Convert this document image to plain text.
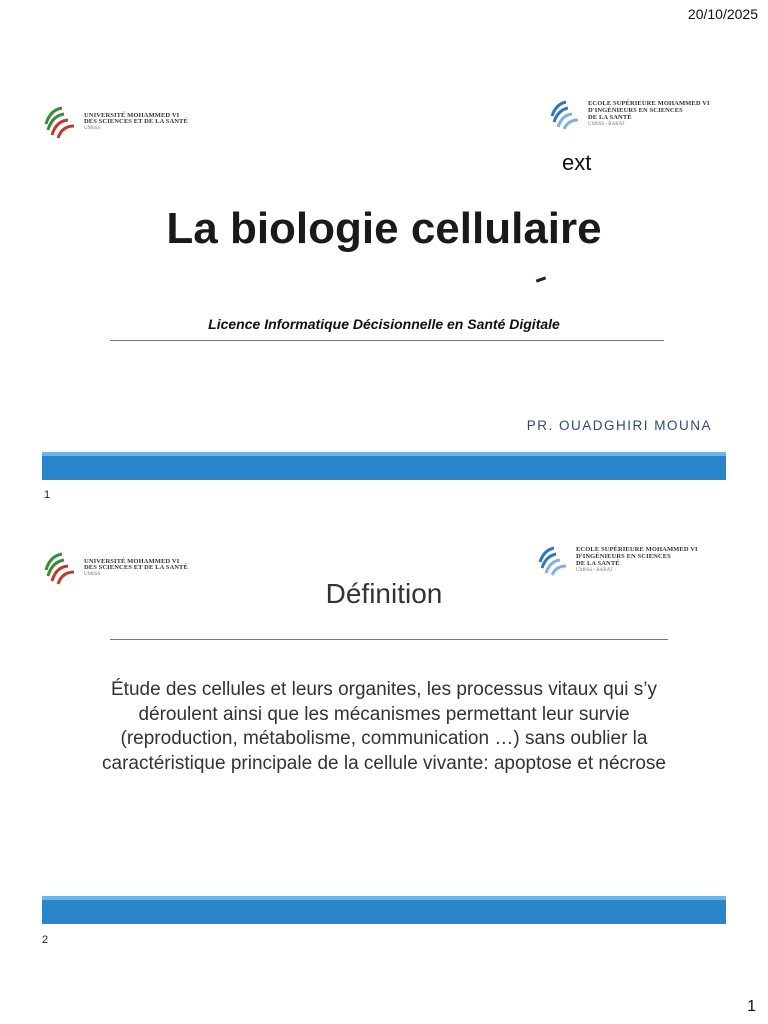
20/10/2025
UNIVERSITÉ MOHAMMED VI
DES SCIENCES ET DE LA SANTÉ
UM6SS
ECOLE SUPÉRIEURE MOHAMMED VI
D'INGÉNIEURS EN SCIENCES
DE LA SANTÉ
UM6SS - RABAT
ext
La biologie cellulaire
Licence Informatique Décisionnelle en Santé Digitale
PR. OUADGHIRI MOUNA
1
UNIVERSITÉ MOHAMMED VI
DES SCIENCES ET DE LA SANTÉ
UM6SS
ECOLE SUPÉRIEURE MOHAMMED VI
D'INGÉNIEURS EN SCIENCES
DE LA SANTÉ
UM6SS - RABAT
Définition
Étude des cellules et leurs organites, les processus vitaux qui s’y déroulent ainsi que les mécanismes permettant leur survie (reproduction, métabolisme, communication …) sans oublier la caractéristique principale de la cellule vivante: apoptose et nécrose
2
1
